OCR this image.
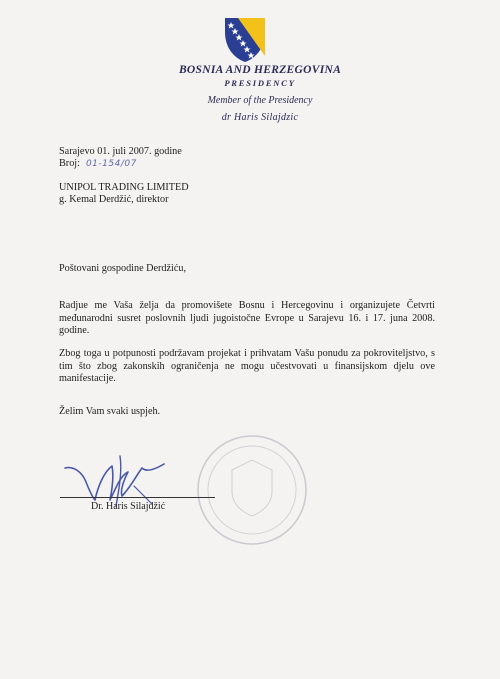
BOSNIA AND HERZEGOVINA
PRESIDENCY
Member of the Presidency
dr Haris Silajdzic
Sarajevo 01. juli 2007. godine
Broj: 01-154/07
UNIPOL TRADING LIMITED
g. Kemal Derdžić, direktor
Poštovani gospodine Derdžiću,
Radjue me Vaša želja da promovišete Bosnu i Hercegovinu i organizujete Četvrti međunarodni susret poslovnih ljudi jugoistočne Evrope u Sarajevu 16. i 17. juna 2008. godine.
Zbog toga u potpunosti podržavam projekat i prihvatam Vašu ponudu za pokroviteljstvo, s tim što zbog zakonskih ograničenja ne mogu učestvovati u finansijskom djelu ove manifestacije.
Želim Vam svaki uspjeh.
Dr. Haris Silajdžić
